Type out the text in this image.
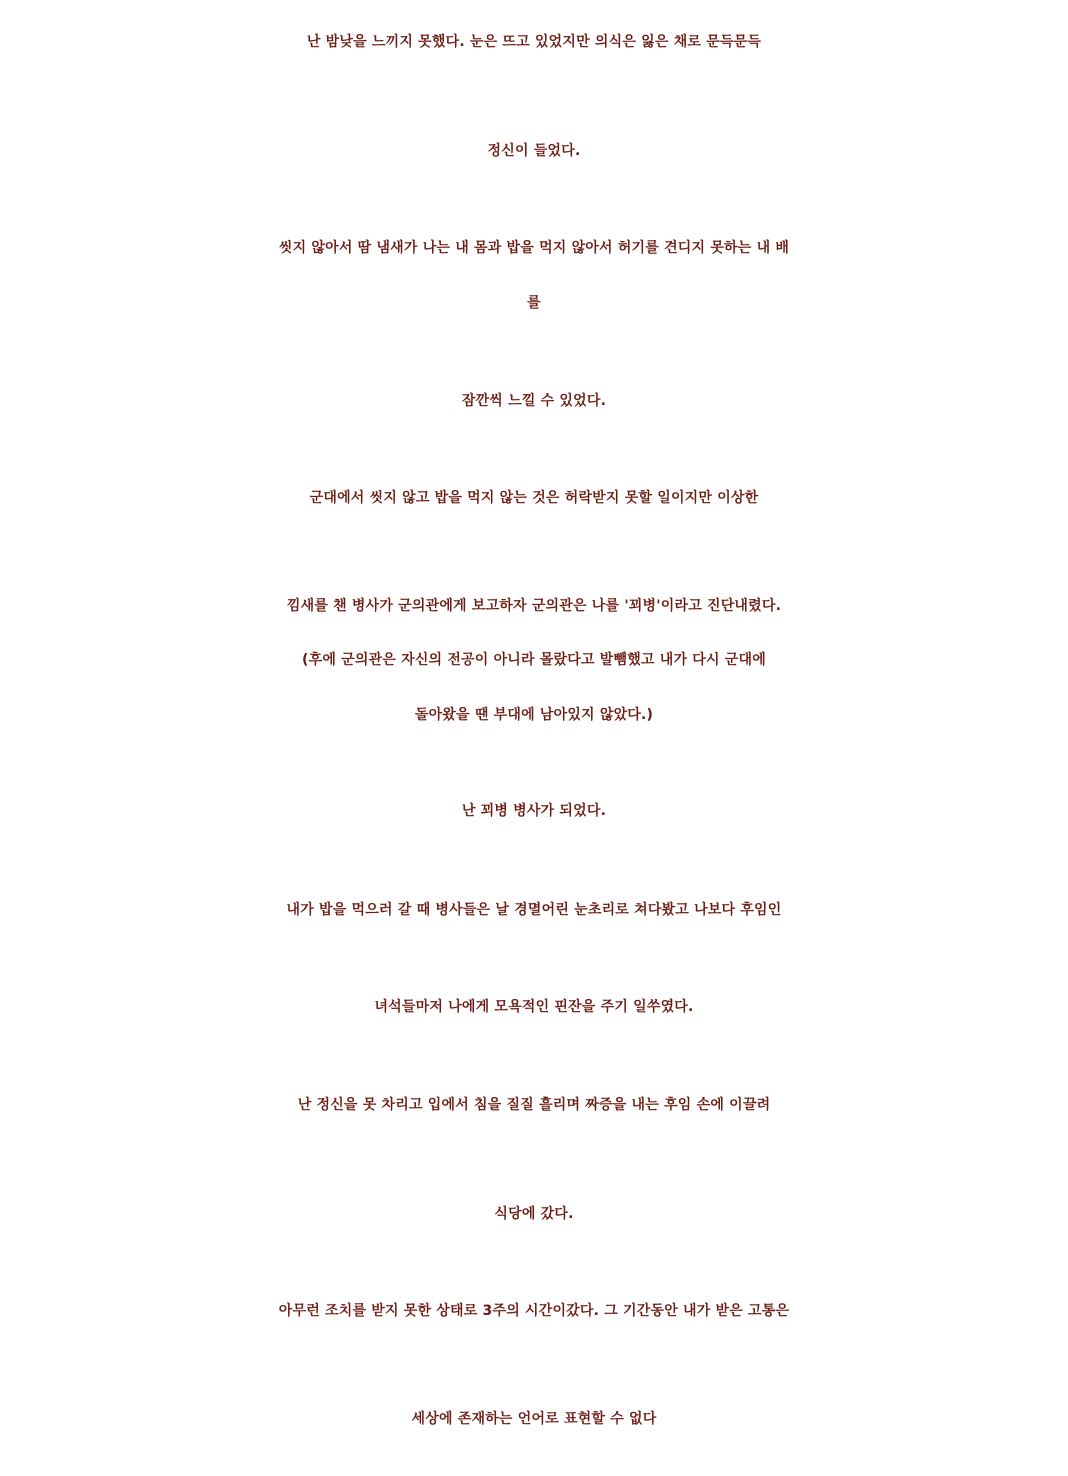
난 밤낮을 느끼지 못했다. 눈은 뜨고 있었지만 의식은 잃은 채로 문득문득
정신이 들었다.
씻지 않아서 땀 냄새가 나는 내 몸과 밥을 먹지 않아서 허기를 견디지 못하는 내 배
를
잠깐씩 느낄 수 있었다.
군대에서 씻지 않고 밥을 먹지 않는 것은 허락받지 못할 일이지만 이상한
낌새를 챈 병사가 군의관에게 보고하자 군의관은 나를 '꾀병'이라고 진단내렸다.
(후에 군의관은 자신의 전공이 아니라 몰랐다고 발뺌했고 내가 다시 군대에
돌아왔을 땐 부대에 남아있지 않았다.)
난 꾀병 병사가 되었다.
내가 밥을 먹으러 갈 때 병사들은 날 경멸어린 눈초리로 쳐다봤고 나보다 후임인
녀석들마저 나에게 모욕적인 핀잔을 주기 일쑤였다.
난 정신을 못 차리고 입에서 침을 질질 흘리며 짜증을 내는 후임 손에 이끌려
식당에 갔다.
아무런 조치를 받지 못한 상태로 3주의 시간이갔다. 그 기간동안 내가 받은 고통은
세상에 존재하는 언어로 표현할 수 없다
